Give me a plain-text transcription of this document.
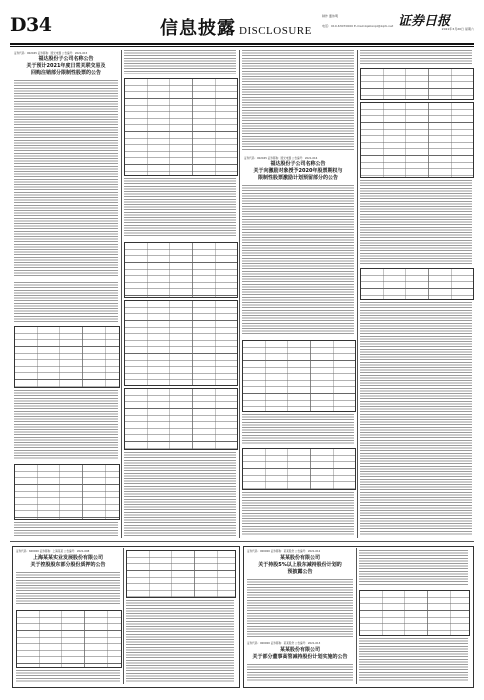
D34	信息披露 DISCLOSURE
制作 董伟明
电话：010-63070000 E-mail:zqsbxxpl@zqrb.net 证券日报
2021年3月20日 星期六
证券代码：002045 证券简称：国光电器 公告编号：2021-015
福达股份子公司名称公告
关于预计2021年度日常关联交易及
回购注销部分限制性股票的公告
证券代码：002045 证券简称：国光电器 公告编号：2021-016
福达股份子公司名称公告
关于向激励对象授予2020年股票期权与
限制性股票激励计划预留部分的公告
证券代码：600000 证券简称：上海某某 公告编号：2021-008
上海某某实业发展股份有限公司
关于控股股东部分股份质押的公告
证券代码：000000 证券简称：某某股份 公告编号：2021-012
某某股份有限公司
关于持股5%以上股东减持股份计划的
预披露公告
证券代码：000000 证券简称：某某股份 公告编号：2021-013
某某股份有限公司
关于部分董事高管减持股份计划实施的公告
